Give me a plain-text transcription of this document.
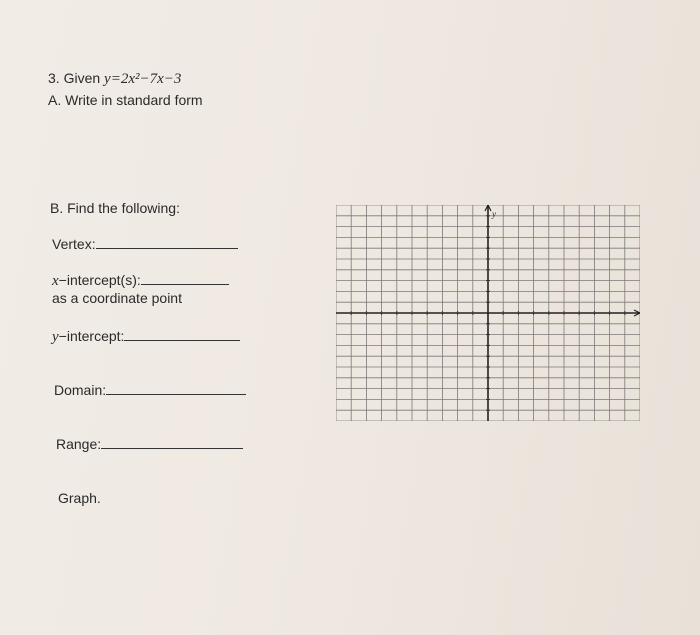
3. Given y=2x²−7x−3
A. Write in standard form
B. Find the following:
Vertex:
x−intercept(s):
as a coordinate point
y−intercept:
Domain:
Range:
Graph.
y
